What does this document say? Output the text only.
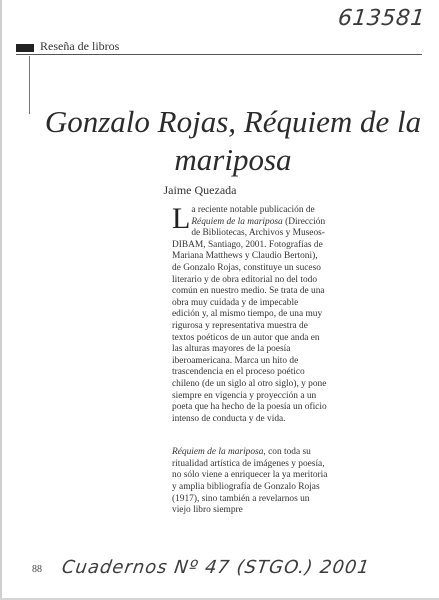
613581
Reseña de libros
Gonzalo Rojas, Réquiem de la mariposa
Jaime Quezada

La reciente notable publicación de Réquiem de la mariposa (Dirección de Bibliotecas, Archivos y Museos-DIBAM, Santiago, 2001. Fotografías de Mariana Matthews y Claudio Bertoni), de Gonzalo Rojas, constituye un suceso literario y de obra editorial no del todo común en nuestro medio. Se trata de una obra muy cuidada y de impecable edición y, al mismo tiempo, de una muy rigurosa y representativa muestra de textos poéticos de un autor que anda en las alturas mayores de la poesía iberoamericana. Marca un hito de trascendencia en el proceso poético chileno (de un siglo al otro siglo), y pone siempre en vigencia y proyección a un poeta que ha hecho de la poesía un oficio intenso de conducta y de vida.

Réquiem de la mariposa, con toda su ritualidad artística de imágenes y poesía, no sólo viene a enriquecer la ya meritoria y amplia bibliografía de Gonzalo Rojas (1917), sino también a revelarnos un viejo libro siempre

88 Cuadernos Nº 47 (STGO.) 2001
